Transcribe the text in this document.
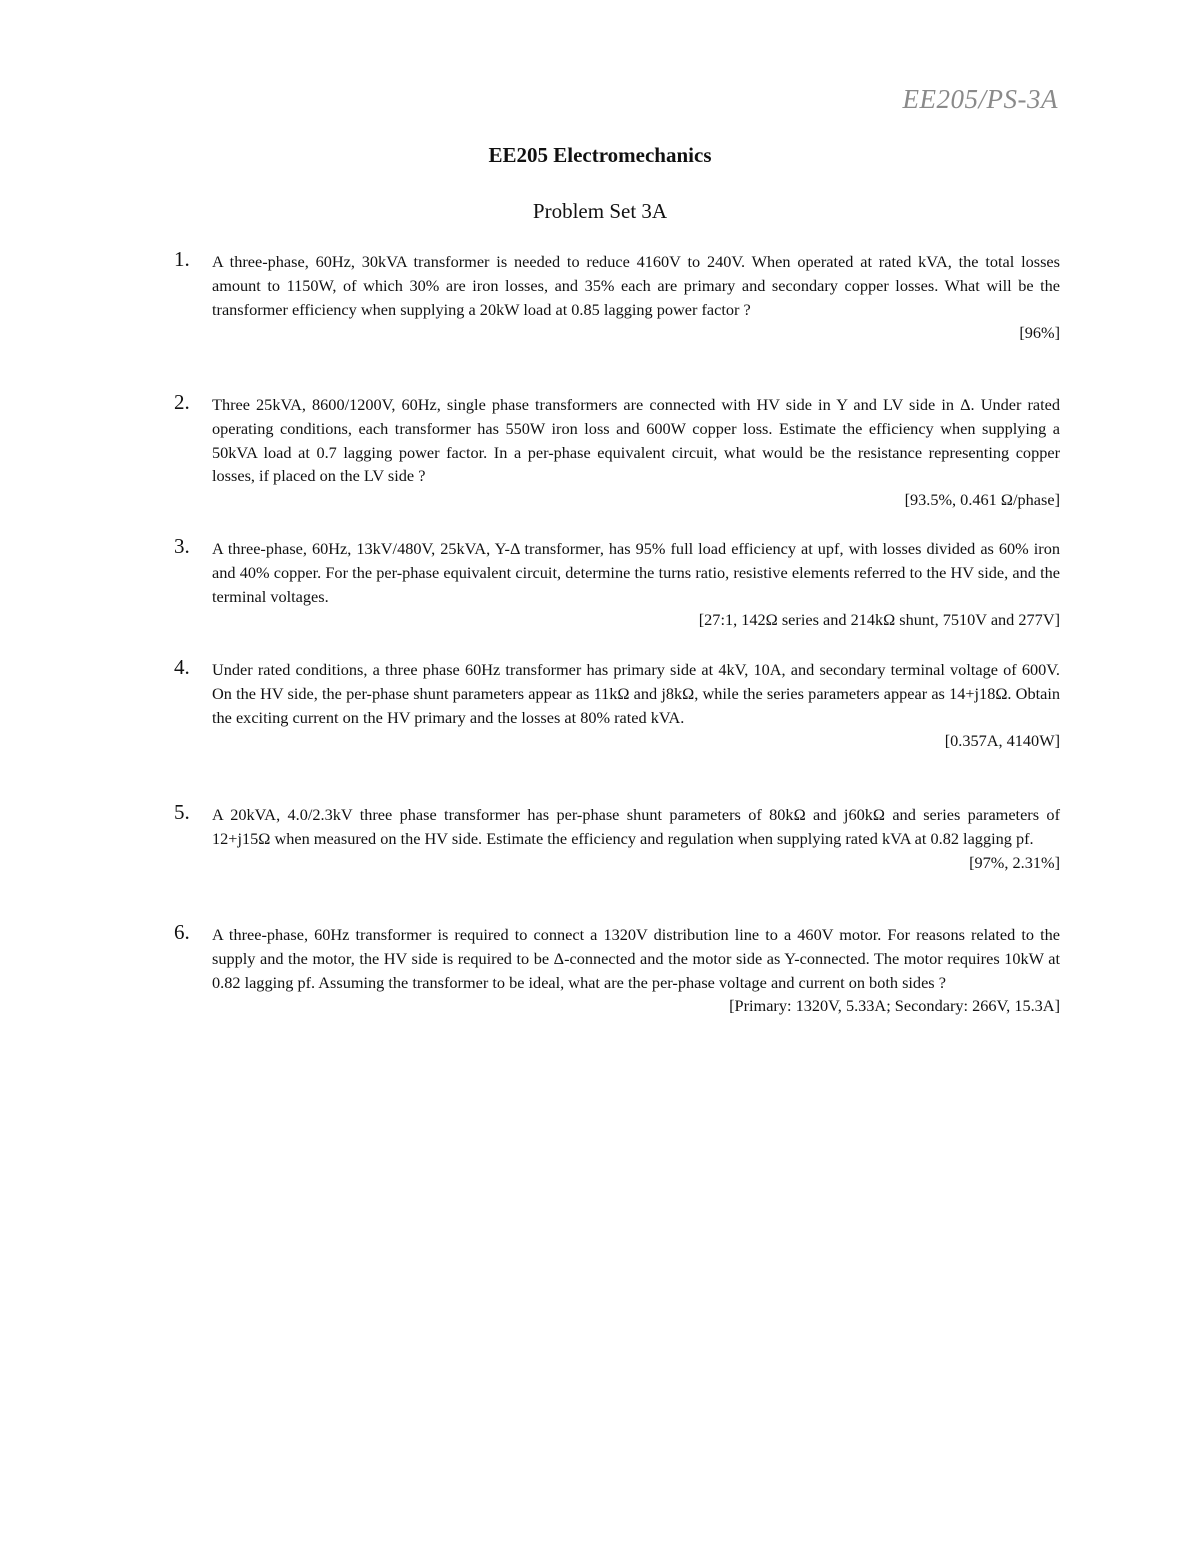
EE205/PS-3A
EE205 Electromechanics
Problem Set 3A
1. A three-phase, 60Hz, 30kVA transformer is needed to reduce 4160V to 240V. When operated at rated kVA, the total losses amount to 1150W, of which 30% are iron losses, and 35% each are primary and secondary copper losses. What will be the transformer efficiency when supplying a 20kW load at 0.85 lagging power factor ?
[96%]
2. Three 25kVA, 8600/1200V, 60Hz, single phase transformers are connected with HV side in Y and LV side in Δ. Under rated operating conditions, each transformer has 550W iron loss and 600W copper loss. Estimate the efficiency when supplying a 50kVA load at 0.7 lagging power factor. In a per-phase equivalent circuit, what would be the resistance representing copper losses, if placed on the LV side ?
[93.5%, 0.461 Ω/phase]
3. A three-phase, 60Hz, 13kV/480V, 25kVA, Y-Δ transformer, has 95% full load efficiency at upf, with losses divided as 60% iron and 40% copper. For the per-phase equivalent circuit, determine the turns ratio, resistive elements referred to the HV side, and the terminal voltages.
[27:1, 142Ω series and 214kΩ shunt, 7510V and 277V]
4. Under rated conditions, a three phase 60Hz transformer has primary side at 4kV, 10A, and secondary terminal voltage of 600V. On the HV side, the per-phase shunt parameters appear as 11kΩ and j8kΩ, while the series parameters appear as 14+j18Ω. Obtain the exciting current on the HV primary and the losses at 80% rated kVA.
[0.357A, 4140W]
5. A 20kVA, 4.0/2.3kV three phase transformer has per-phase shunt parameters of 80kΩ and j60kΩ and series parameters of 12+j15Ω when measured on the HV side. Estimate the efficiency and regulation when supplying rated kVA at 0.82 lagging pf.
[97%, 2.31%]
6. A three-phase, 60Hz transformer is required to connect a 1320V distribution line to a 460V motor. For reasons related to the supply and the motor, the HV side is required to be Δ-connected and the motor side as Y-connected. The motor requires 10kW at 0.82 lagging pf. Assuming the transformer to be ideal, what are the per-phase voltage and current on both sides ?
[Primary: 1320V, 5.33A; Secondary: 266V, 15.3A]
